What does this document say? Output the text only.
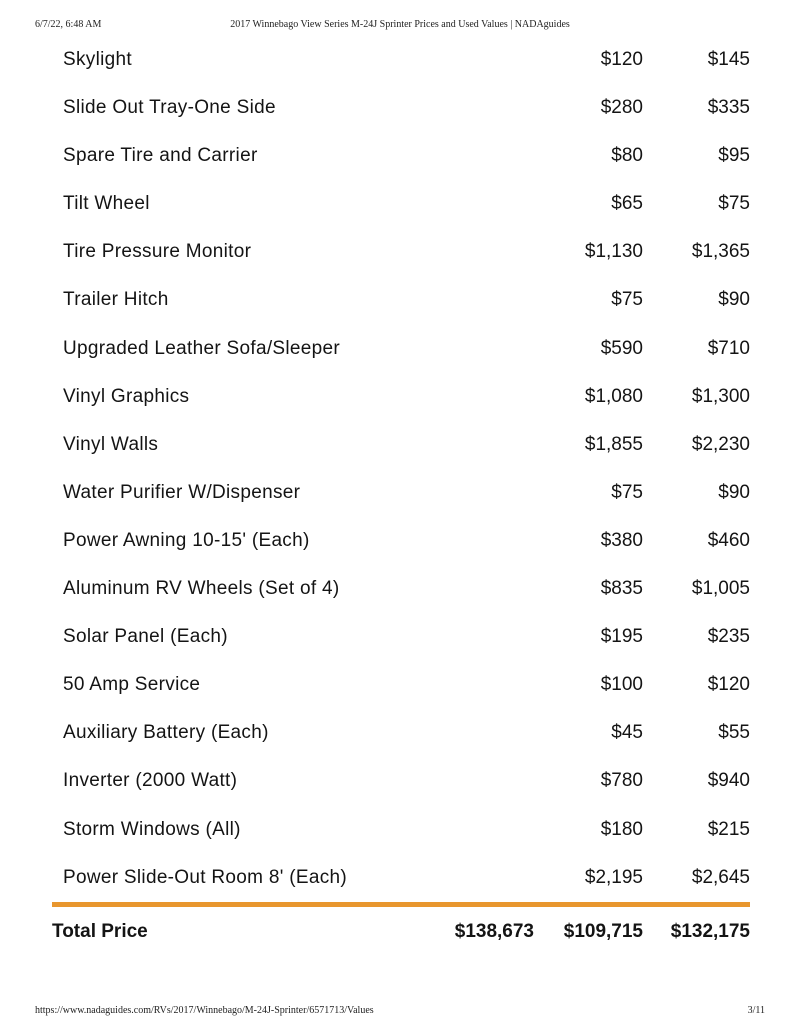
6/7/22, 6:48 AM	2017 Winnebago View Series M-24J Sprinter Prices and Used Values | NADAguides
Skylight	$120	$145
Slide Out Tray-One Side	$280	$335
Spare Tire and Carrier	$80	$95
Tilt Wheel	$65	$75
Tire Pressure Monitor	$1,130	$1,365
Trailer Hitch	$75	$90
Upgraded Leather Sofa/Sleeper	$590	$710
Vinyl Graphics	$1,080	$1,300
Vinyl Walls	$1,855	$2,230
Water Purifier W/Dispenser	$75	$90
Power Awning 10-15' (Each)	$380	$460
Aluminum RV Wheels (Set of 4)	$835	$1,005
Solar Panel (Each)	$195	$235
50 Amp Service	$100	$120
Auxiliary Battery (Each)	$45	$55
Inverter (2000 Watt)	$780	$940
Storm Windows (All)	$180	$215
Power Slide-Out Room 8' (Each)	$2,195	$2,645
Total Price	$138,673 $109,715 $132,175
https://www.nadaguides.com/RVs/2017/Winnebago/M-24J-Sprinter/6571713/Values	3/11
